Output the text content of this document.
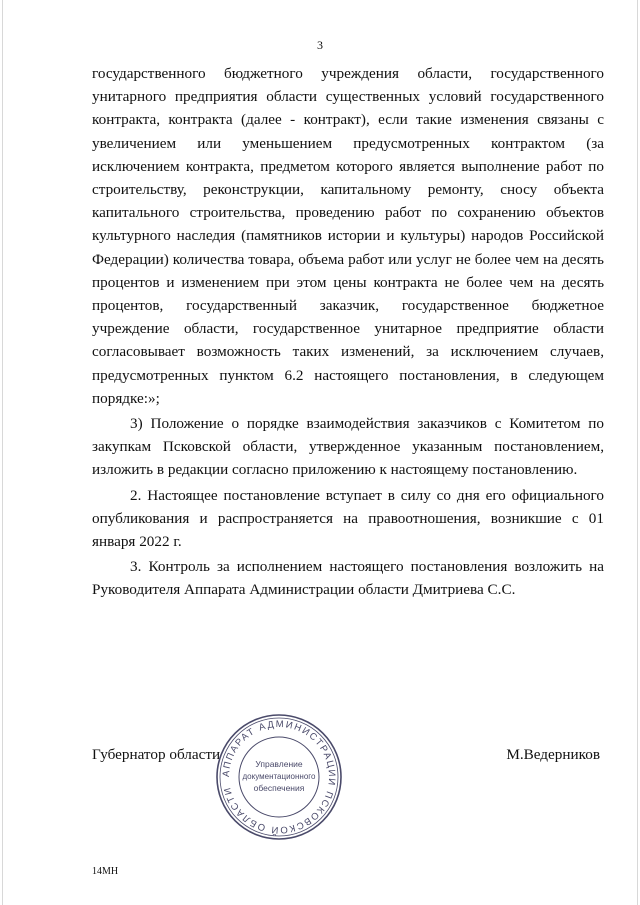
3

государственного бюджетного учреждения области, государственного унитарного предприятия области существенных условий государственного контракта, контракта (далее - контракт), если такие изменения связаны с увеличением или уменьшением предусмотренных контрактом (за исключением контракта, предметом которого является выполнение работ по строительству, реконструкции, капитальному ремонту, сносу объекта капитального строительства, проведению работ по сохранению объектов культурного наследия (памятников истории и культуры) народов Российской Федерации) количества товара, объема работ или услуг не более чем на десять процентов и изменением при этом цены контракта не более чем на десять процентов, государственный заказчик, государственное бюджетное учреждение области, государственное унитарное предприятие области согласовывает возможность таких изменений, за исключением случаев, предусмотренных пунктом 6.2 настоящего постановления, в следующем порядке:»;

3) Положение о порядке взаимодействия заказчиков с Комитетом по закупкам Псковской области, утвержденное указанным постановлением, изложить в редакции согласно приложению к настоящему постановлению.

2. Настоящее постановление вступает в силу со дня его официального опубликования и распространяется на правоотношения, возникшие с 01 января 2022 г.

3. Контроль за исполнением настоящего постановления возложить на Руководителя Аппарата Администрации области Дмитриева С.С.

Губернатор области	М.Ведерников
АППАРАТ АДМИНИСТРАЦИИ ПСКОВСКОЙ ОБЛАСТИ
Управление
документационного
обеспечения
14МН
